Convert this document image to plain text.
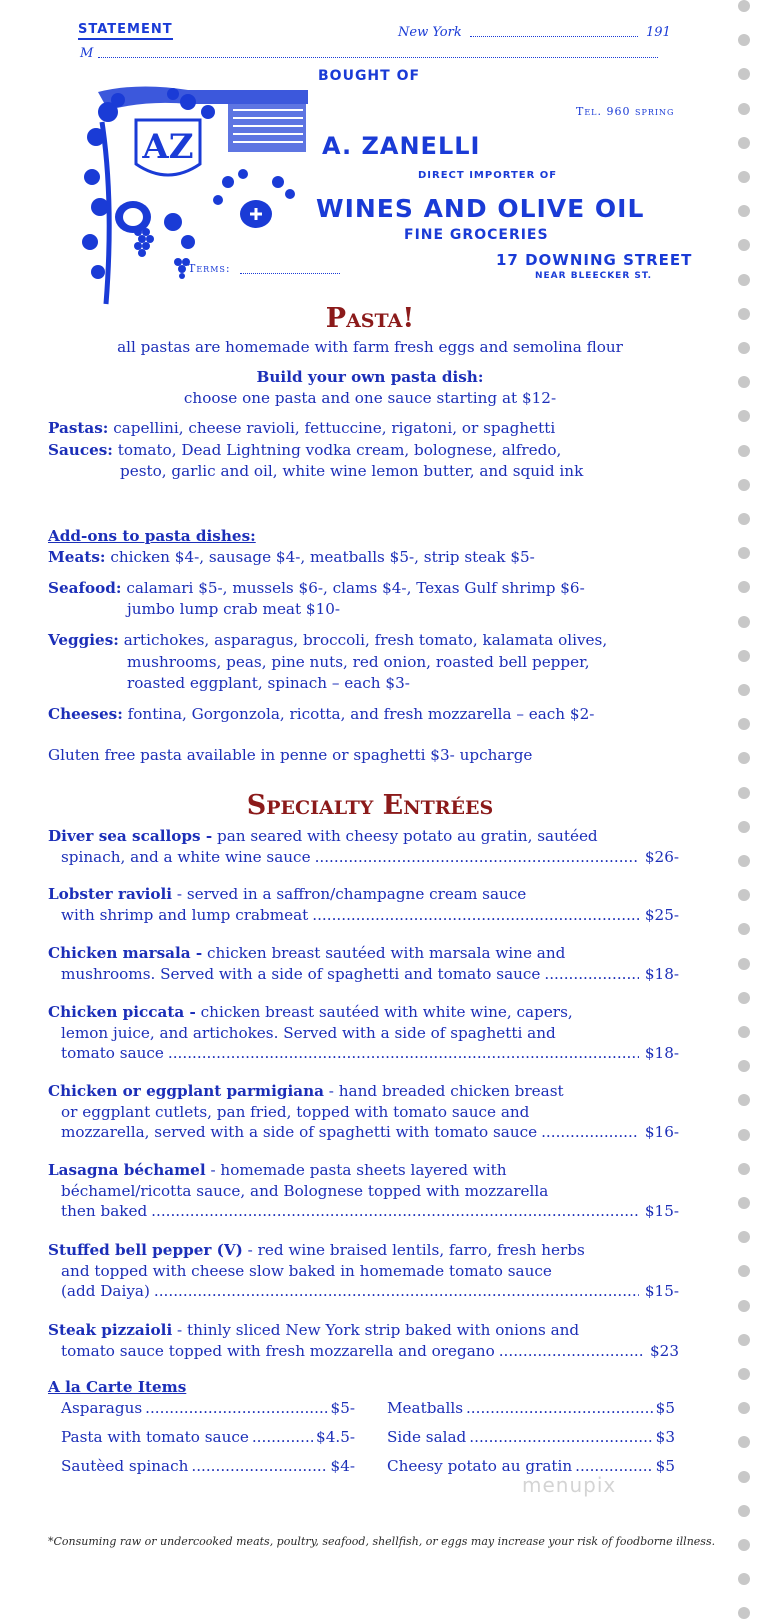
AZ
STATEMENT
M
New York	191
BOUGHT OF
Tel. 960 spring
A. ZANELLI
DIRECT IMPORTER OF
WINES AND OLIVE OIL
FINE GROCERIES
17 DOWNING STREET
NEAR BLEECKER ST.
Terms:
Pasta!
all pastas are homemade with farm fresh eggs and semolina flour
Build your own pasta dish:
choose one pasta and one sauce starting at $12-
Pastas: capellini, cheese ravioli, fettuccine, rigatoni, or spaghetti
Sauces: tomato, Dead Lightning vodka cream, bolognese, alfredo,
pesto, garlic and oil, white wine lemon butter, and squid ink
Add-ons to pasta dishes:
Meats: chicken $4-, sausage $4-, meatballs $5-, strip steak $5-
Seafood: calamari $5-, mussels $6-, clams $4-, Texas Gulf shrimp $6-
jumbo lump crab meat $10-
Veggies: artichokes, asparagus, broccoli, fresh tomato, kalamata olives,
mushrooms, peas, pine nuts, red onion, roasted bell pepper,
roasted eggplant, spinach – each $3-
Cheeses: fontina, Gorgonzola, ricotta, and fresh mozzarella – each $2-
Gluten free pasta available in penne or spaghetti $3- upcharge
Specialty Entrées
Diver sea scallops - pan seared with cheesy potato au gratin, sautéed
spinach, and a white wine sauce .....	$26-
Lobster ravioli - served in a saffron/champagne cream sauce
with shrimp and lump crabmeat .....	$25-
Chicken marsala - chicken breast sautéed with marsala wine and
mushrooms. Served with a side of spaghetti and tomato sauce .....	$18-
Chicken piccata - chicken breast sautéed with white wine, capers,
lemon juice, and artichokes. Served with a side of spaghetti and
tomato sauce .....	$18-
Chicken or eggplant parmigiana - hand breaded chicken breast
or eggplant cutlets, pan fried, topped with tomato sauce and
mozzarella, served with a side of spaghetti with tomato sauce .....	$16-
Lasagna béchamel - homemade pasta sheets layered with
béchamel/ricotta sauce, and Bolognese topped with mozzarella
then baked .....	$15-
Stuffed bell pepper (V) - red wine braised lentils, farro, fresh herbs
and topped with cheese slow baked in homemade tomato sauce
(add Daiya) .....	$15-
Steak pizzaioli - thinly sliced New York strip baked with onions and
tomato sauce topped with fresh mozzarella and oregano .....	$23
A la Carte Items
Asparagus .....	$5-
Pasta with tomato sauce .....	$4.5-
Sautèed spinach .....	$4-
Meatballs .....	$5
Side salad .....	$3
Cheesy potato au gratin .....	$5
menupix
*Consuming raw or undercooked meats, poultry, seafood, shellfish, or eggs may increase your risk of foodborne illness.
